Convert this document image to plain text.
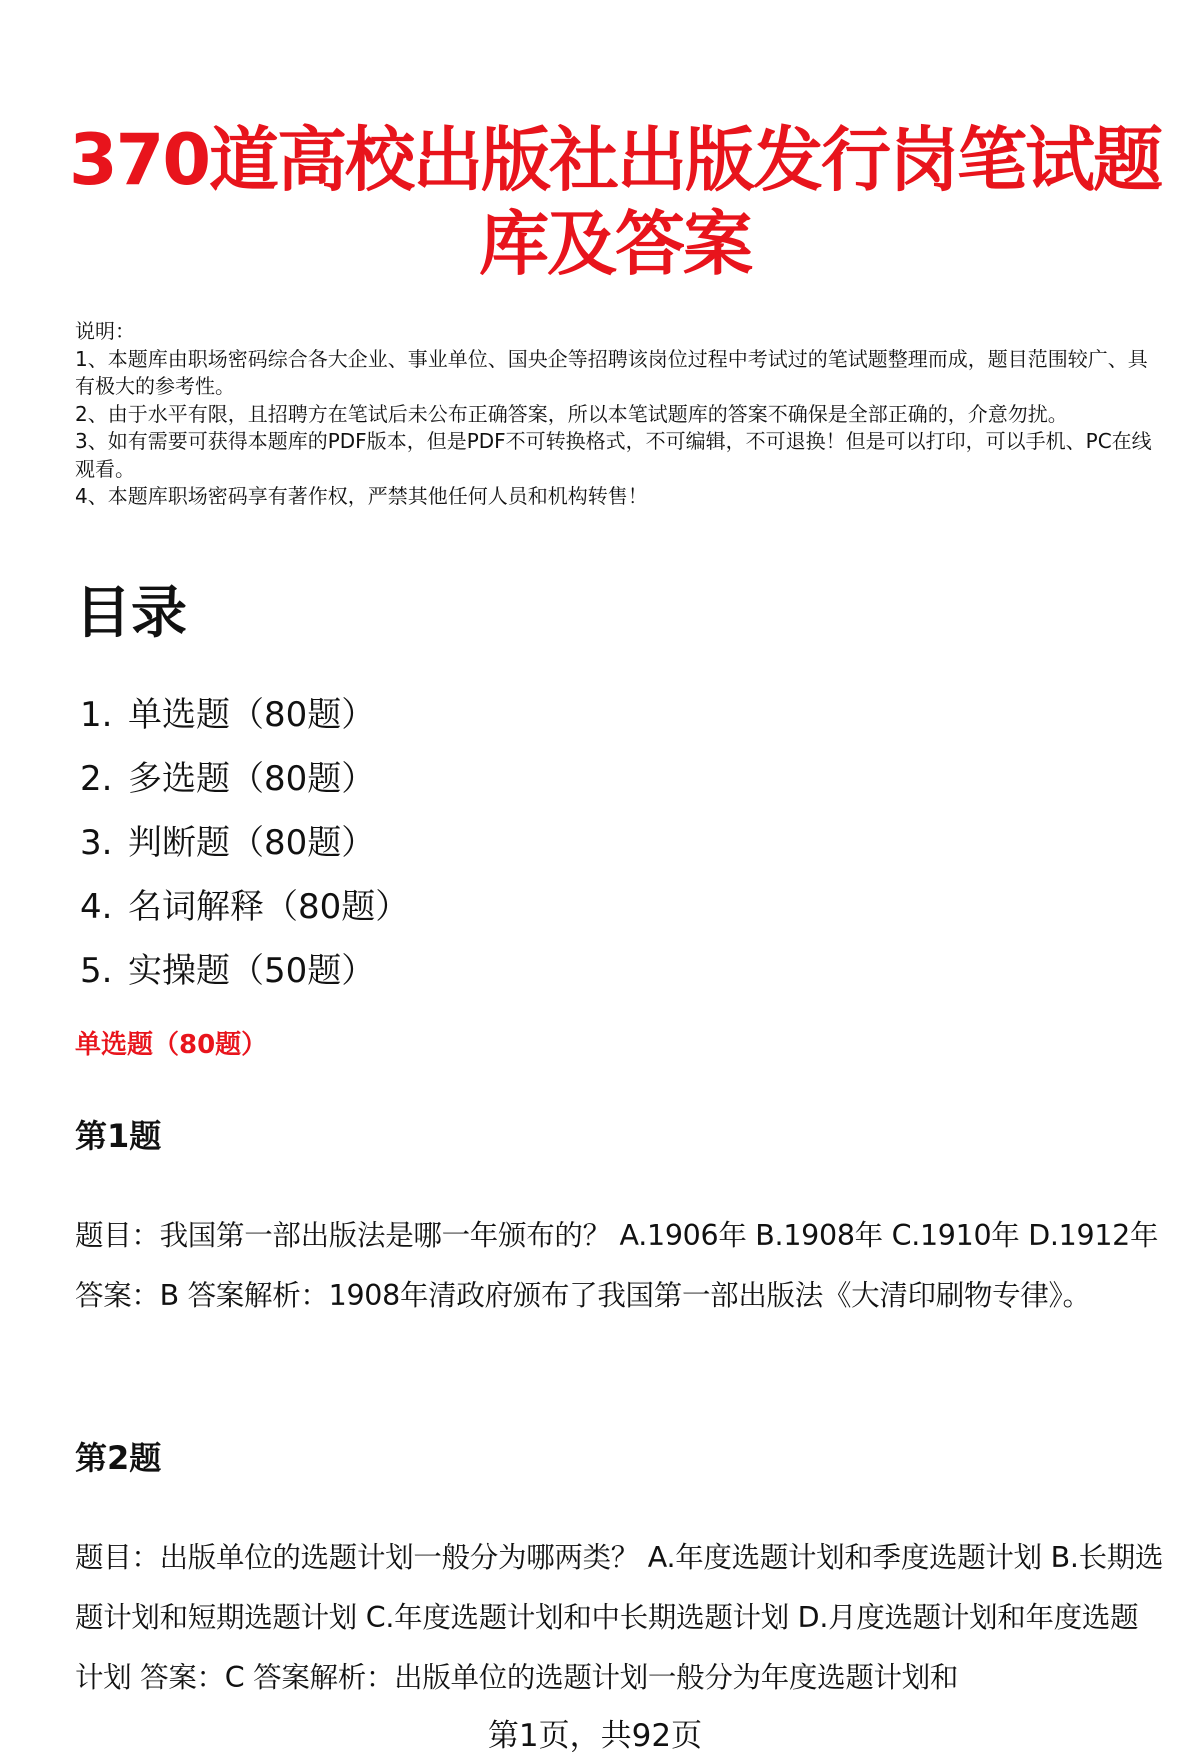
370道高校出版社出版发行岗笔试题库及答案

说明：

1、本题库由职场密码综合各大企业、事业单位、国央企等招聘该岗位过程中考试过的笔试题整理而成，题目范围较广、具有极大的参考性。

2、由于水平有限，且招聘方在笔试后未公布正确答案，所以本笔试题库的答案不确保是全部正确的，介意勿扰。

3、如有需要可获得本题库的PDF版本，但是PDF不可转换格式，不可编辑，不可退换！但是可以打印，可以手机、PC在线观看。

4、本题库职场密码享有著作权，严禁其他任何人员和机构转售！

目录
1. 单选题（80题）
2. 多选题（80题）
3. 判断题（80题）
4. 名词解释（80题）
5. 实操题（50题）
单选题（80题）
第1题

题目：我国第一部出版法是哪一年颁布的？ A.1906年 B.1908年 C.1910年 D.1912年 答案：B 答案解析：1908年清政府颁布了我国第一部出版法《大清印刷物专律》。

第2题

题目：出版单位的选题计划一般分为哪两类？ A.年度选题计划和季度选题计划 B.长期选题计划和短期选题计划 C.年度选题计划和中长期选题计划 D.月度选题计划和年度选题计划 答案：C 答案解析：出版单位的选题计划一般分为年度选题计划和

第1页，共92页
